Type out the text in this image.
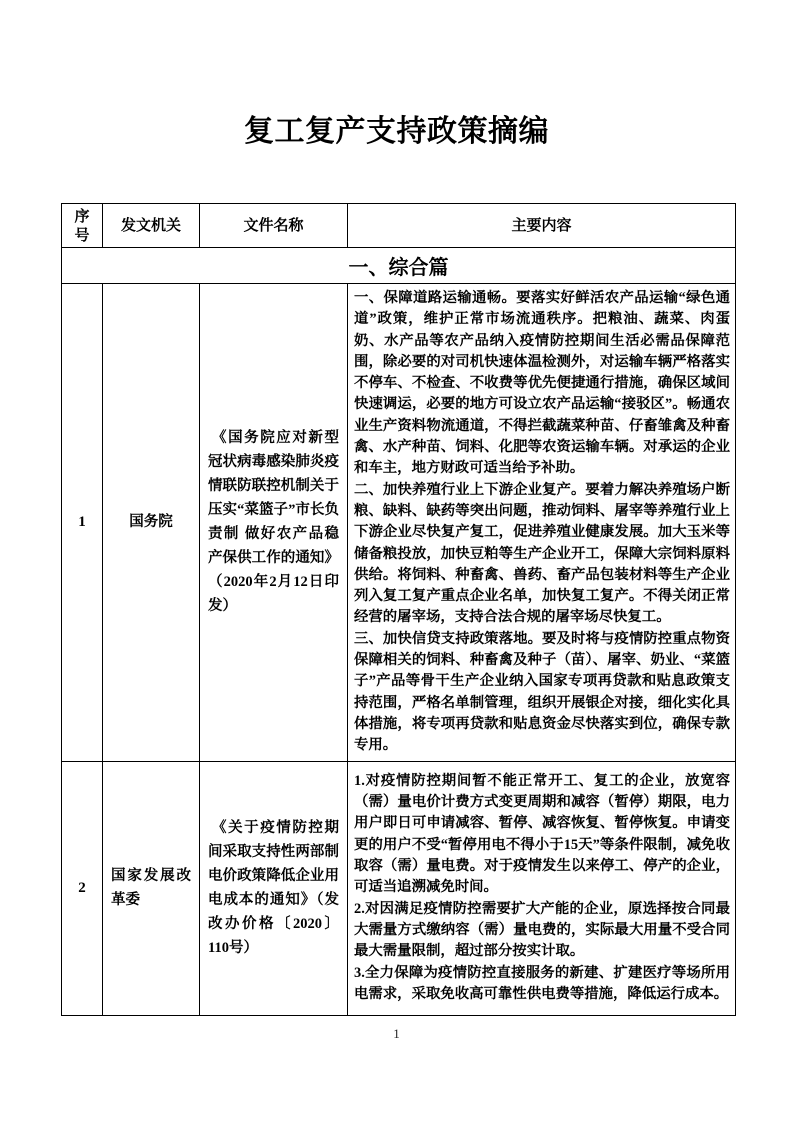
复工复产支持政策摘编
序号	发文机关	文件名称	主要内容
一、综合篇			
1	国务院	《国务院应对新型冠状病毒感染肺炎疫情联防联控机制关于压实“菜篮子”市长负责制 做好农产品稳产保供工作的通知》（2020年2月12日印发）	一、保障道路运输通畅。要落实好鲜活农产品运输“绿色通道”政策，维护正常市场流通秩序。把粮油、蔬菜、肉蛋奶、水产品等农产品纳入疫情防控期间生活必需品保障范围，除必要的对司机快速体温检测外，对运输车辆严格落实不停车、不检查、不收费等优先便捷通行措施，确保区域间快速调运，必要的地方可设立农产品运输“接驳区”。畅通农业生产资料物流通道，不得拦截蔬菜种苗、仔畜雏禽及种畜禽、水产种苗、饲料、化肥等农资运输车辆。对承运的企业和车主，地方财政可适当给予补助。

二、加快养殖行业上下游企业复产。要着力解决养殖场户断粮、缺料、缺药等突出问题，推动饲料、屠宰等养殖行业上下游企业尽快复产复工，促进养殖业健康发展。加大玉米等储备粮投放，加快豆粕等生产企业开工，保障大宗饲料原料供给。将饲料、种畜禽、兽药、畜产品包装材料等生产企业列入复工复产重点企业名单，加快复工复产。不得关闭正常经营的屠宰场，支持合法合规的屠宰场尽快复工。

三、加快信贷支持政策落地。要及时将与疫情防控重点物资保障相关的饲料、种畜禽及种子（苗）、屠宰、奶业、“菜篮子”产品等骨干生产企业纳入国家专项再贷款和贴息政策支持范围，严格名单制管理，组织开展银企对接，细化实化具体措施，将专项再贷款和贴息资金尽快落实到位，确保专款专用。

2	国家发展改革委	《关于疫情防控期间采取支持性两部制电价政策降低企业用电成本的通知》（发改办价格〔2020〕110号）	1.对疫情防控期间暂不能正常开工、复工的企业，放宽容（需）量电价计费方式变更周期和减容（暂停）期限，电力用户即日可申请减容、暂停、减容恢复、暂停恢复。申请变更的用户不受“暂停用电不得小于15天”等条件限制，减免收取容（需）量电费。对于疫情发生以来停工、停产的企业，可适当追溯减免时间。

2.对因满足疫情防控需要扩大产能的企业，原选择按合同最大需量方式缴纳容（需）量电费的，实际最大用量不受合同最大需量限制，超过部分按实计取。

3.全力保障为疫情防控直接服务的新建、扩建医疗等场所用电需求，采取免收高可靠性供电费等措施，降低运行成本。

1
